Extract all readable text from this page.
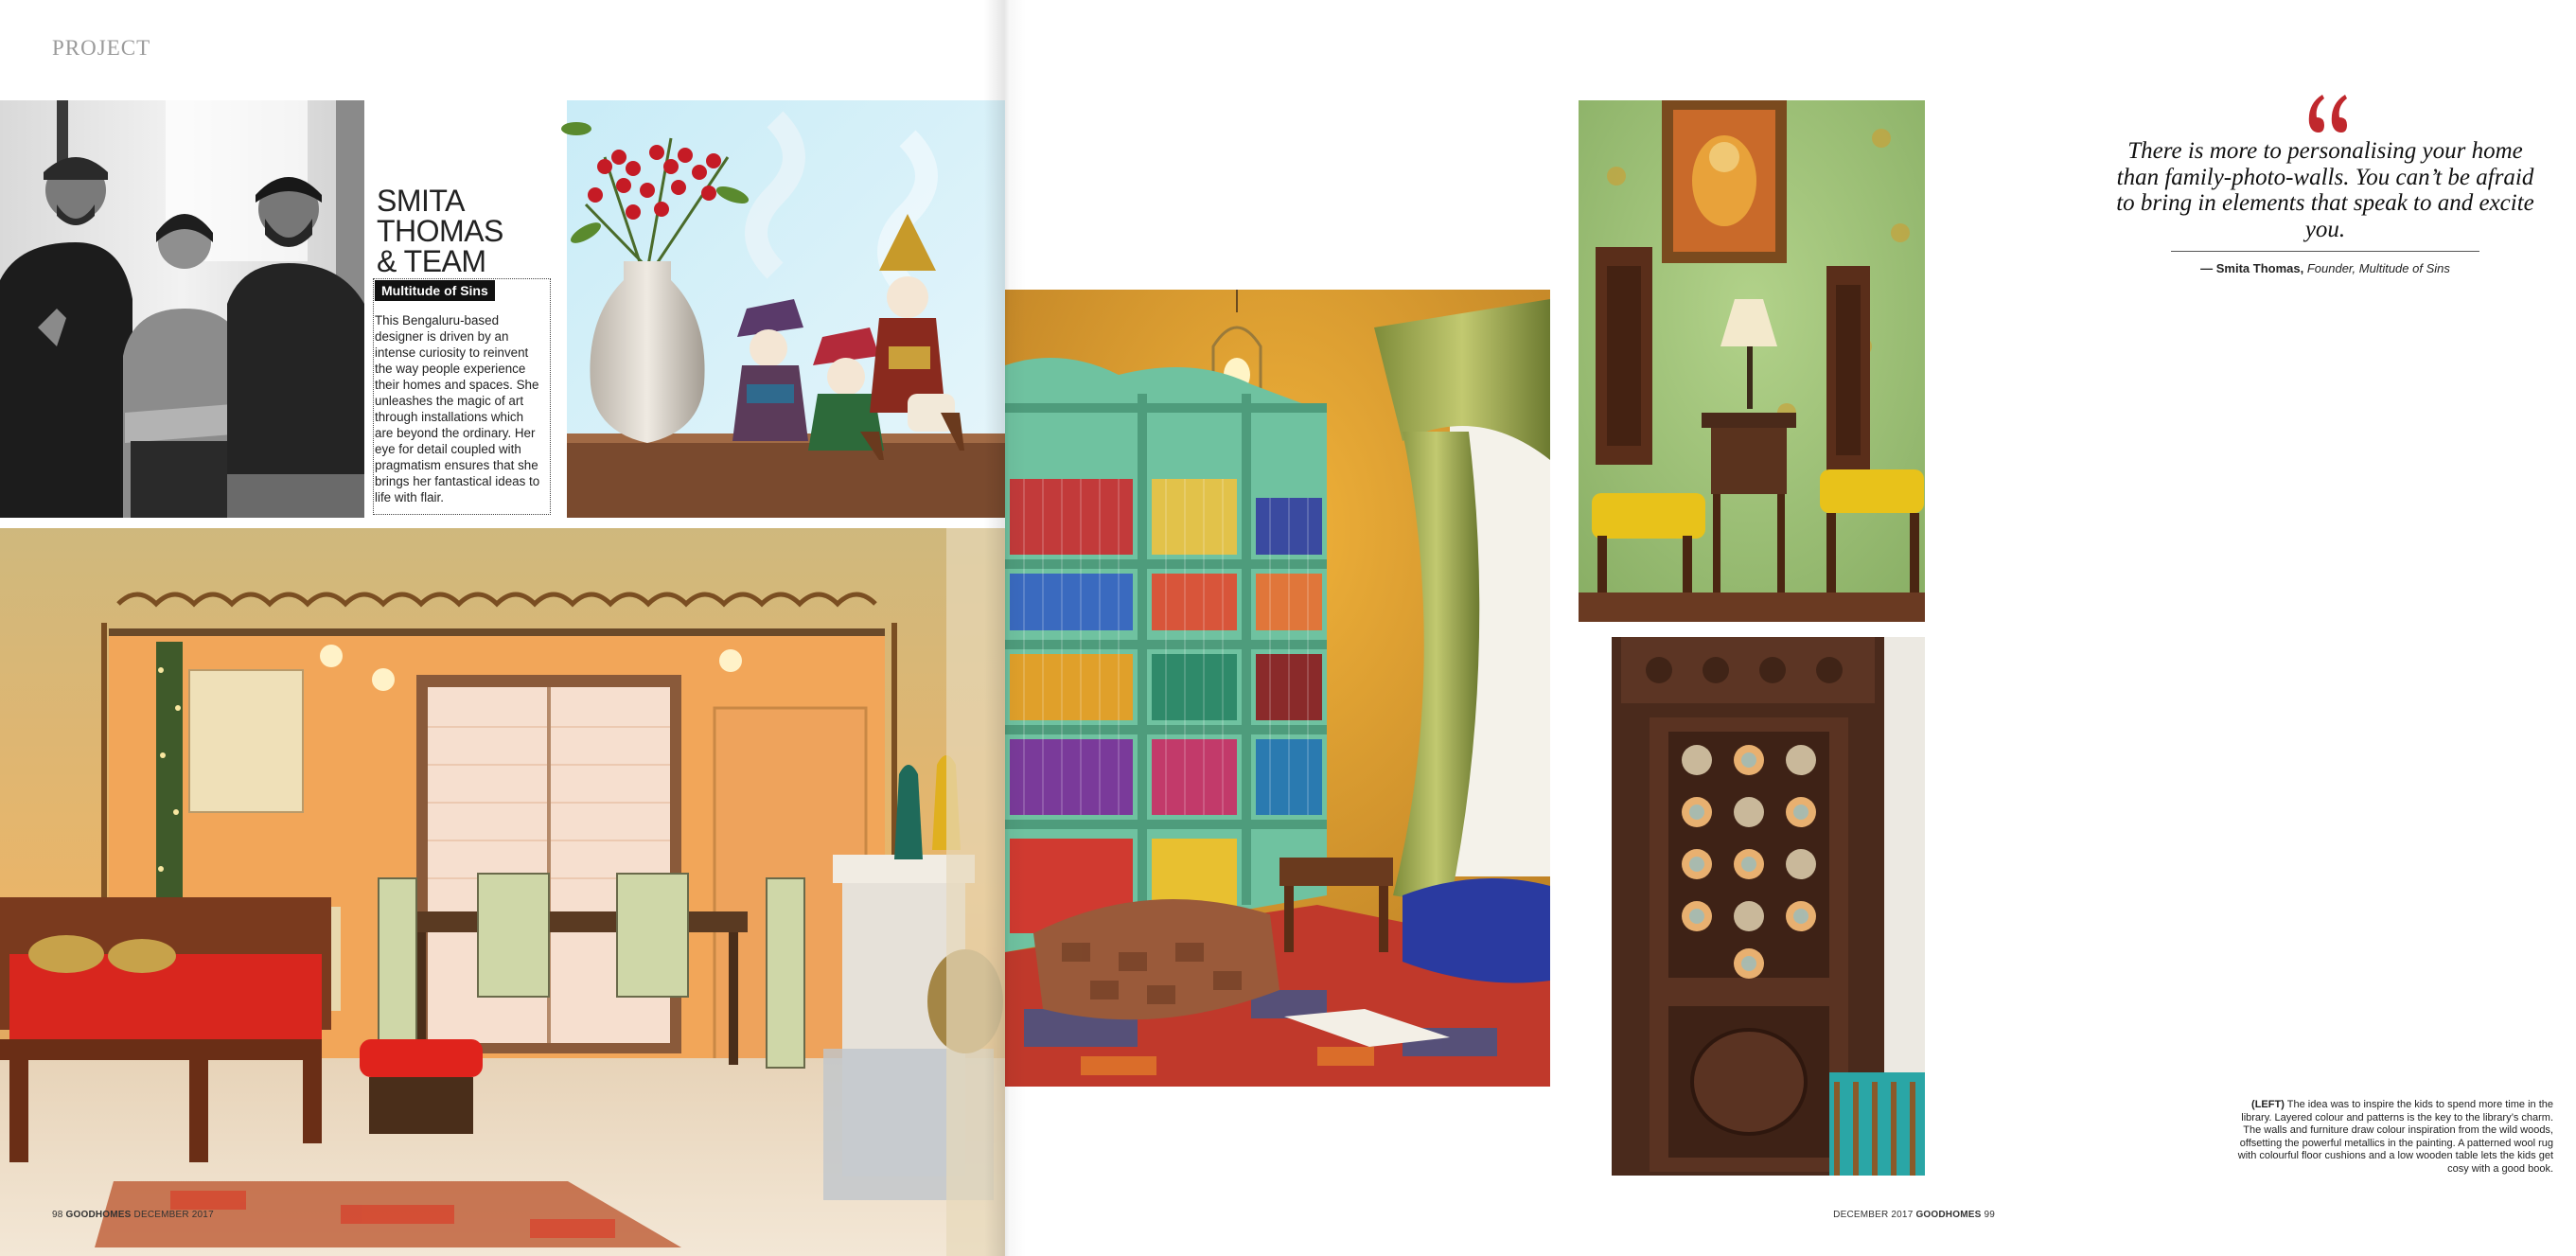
PROJECT
SMITA
THOMAS
& TEAM
Multitude of Sins

This Bengaluru-based designer is driven by an intense curiosity to reinvent the way people experience their homes and spaces. She unleashes the magic of art through installations which are beyond the ordinary. Her eye for detail coupled with pragmatism ensures that she brings her fantastical ideas to life with flair.

98 GOODHOMES DECEMBER 2017

There is more to personalising your home than family-photo-walls. You can’t be afraid to bring in elements that speak to and excite you.

— Smita Thomas, Founder, Multitude of Sins

(LEFT) The idea was to inspire the kids to spend more time in the library. Layered colour and patterns is the key to the library’s charm. The walls and furniture draw colour inspiration from the wild woods, offsetting the powerful metallics in the painting. A patterned wool rug with colourful floor cushions and a low wooden table lets the kids get cosy with a good book.

DECEMBER 2017 GOODHOMES 99
